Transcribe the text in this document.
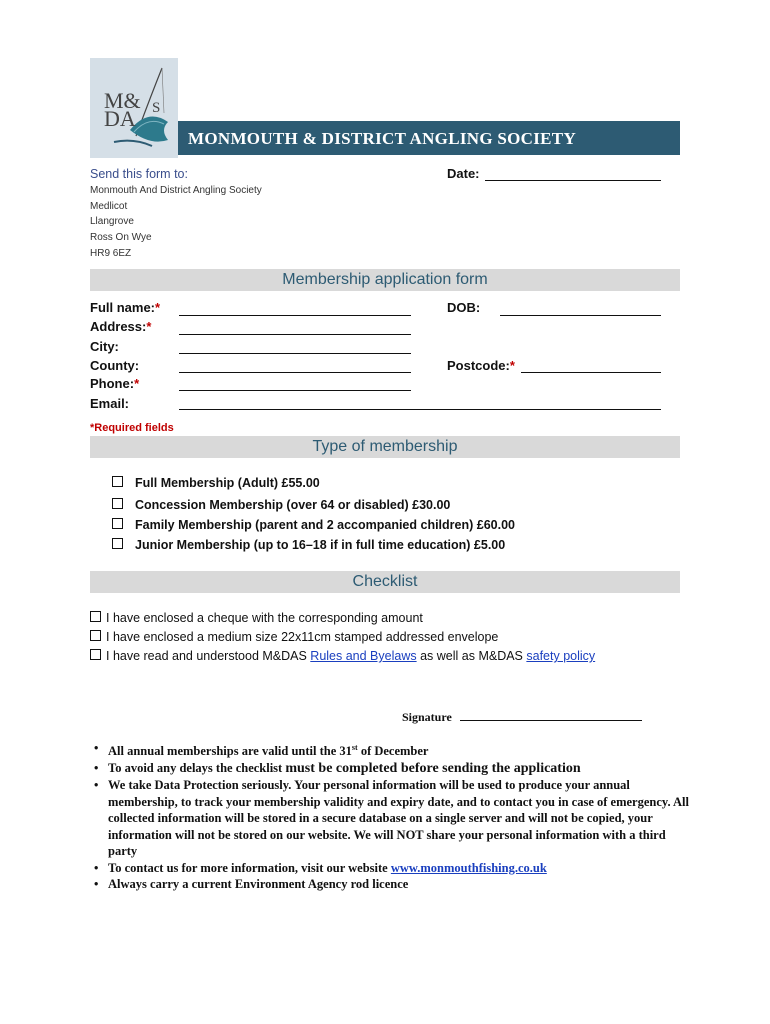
M&
DA S
MONMOUTH & DISTRICT ANGLING SOCIETY
Send this form to:
Monmouth And District Angling Society
Medlicot
Llangrove
Ross On Wye
HR9 6EZ
Date:
Membership application form
Full name:*
Address:*
City:
County:
Phone:*
Email:
DOB:
Postcode:*
*Required fields
Type of membership
Full Membership (Adult) £55.00
Concession Membership (over 64 or disabled) £30.00
Family Membership (parent and 2 accompanied children) £60.00
Junior Membership (up to 16–18 if in full time education) £5.00
Checklist
I have enclosed a cheque with the corresponding amount
I have enclosed a medium size 22x11cm stamped addressed envelope
I have read and understood M&DAS Rules and Byelaws as well as M&DAS safety policy
Signature
• All annual memberships are valid until the 31st of December
• To avoid any delays the checklist must be completed before sending the application
• We take Data Protection seriously. Your personal information will be used to produce your annual membership, to track your membership validity and expiry date, and to contact you in case of emergency. All collected information will be stored in a secure database on a single server and will not be copied, your information will not be stored on our website. We will NOT share your personal information with a third party
• To contact us for more information, visit our website www.monmouthfishing.co.uk
• Always carry a current Environment Agency rod licence
